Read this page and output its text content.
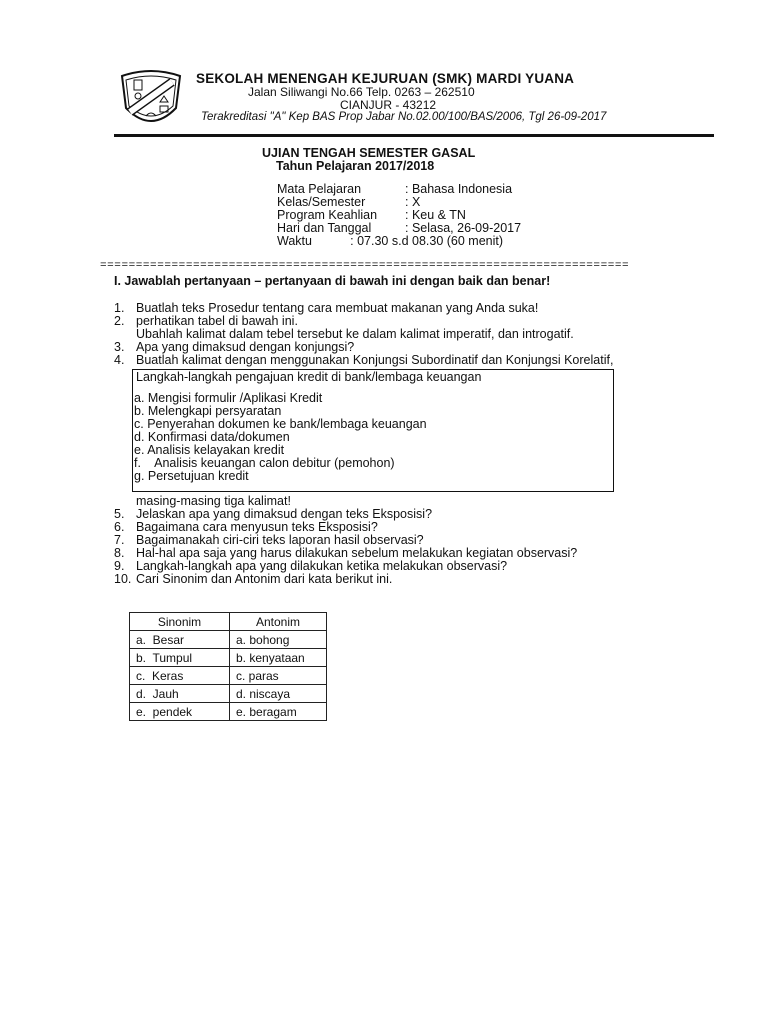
SEKOLAH MENENGAH KEJURUAN (SMK) MARDI YUANA
Jalan Siliwangi No.66 Telp. 0263 – 262510
CIANJUR - 43212
Terakreditasi "A" Kep BAS Prop Jabar No.02.00/100/BAS/2006, Tgl 26-09-2017
UJIAN TENGAH SEMESTER GASAL
Tahun Pelajaran 2017/2018
Mata Pelajaran	: Bahasa Indonesia
Kelas/Semester	: X
Program Keahlian : Keu & TN
Hari dan Tanggal	: Selasa, 26-09-2017
Waktu           : 07.30 s.d 08.30 (60 menit)
==========================================================================
I. Jawablah pertanyaan – pertanyaan di bawah ini dengan baik dan benar!
1. Buatlah teks Prosedur tentang cara membuat makanan yang Anda suka!
2. perhatikan tabel di bawah ini.
Ubahlah kalimat dalam tebel tersebut ke dalam kalimat imperatif, dan introgatif.
3. Apa yang dimaksud dengan konjungsi?
4. Buatlah kalimat dengan menggunakan Konjungsi Subordinatif dan Konjungsi Korelatif,
Langkah-langkah pengajuan kredit di bank/lembaga keuangan
a. Mengisi formulir /Aplikasi Kredit
b. Melengkapi persyaratan
c. Penyerahan dokumen ke bank/lembaga keuangan
d. Konfirmasi data/dokumen
e. Analisis kelayakan kredit
f.    Analisis keuangan calon debitur (pemohon)
g. Persetujuan kredit
masing-masing tiga kalimat!
5. Jelaskan apa yang dimaksud dengan teks Eksposisi?
6. Bagaimana cara menyusun teks Eksposisi?
7. Bagaimanakah ciri-ciri teks laporan hasil observasi?
8. Hal-hal apa saja yang harus dilakukan sebelum melakukan kegiatan observasi?
9. Langkah-langkah apa yang dilakukan ketika melakukan observasi?
10. Cari Sinonim dan Antonim dari kata berikut ini.
Sinonim	Antonim
a.  Besar	a. bohong
b.  Tumpul	b. kenyataan
c.  Keras	c. paras
d.  Jauh	d. niscaya
e.  pendek	e. beragam
